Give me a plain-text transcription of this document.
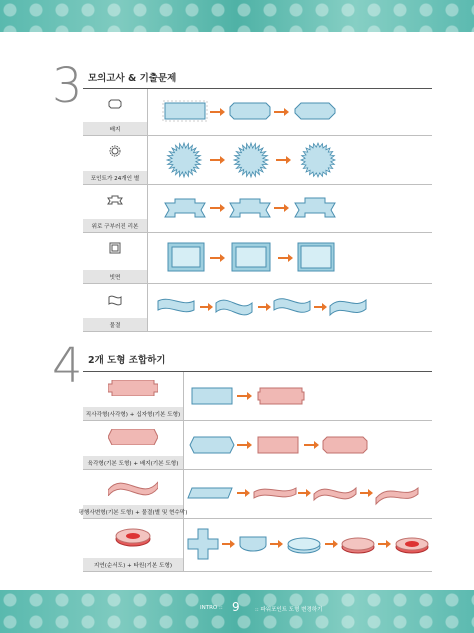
3 모의고사 & 기출문제
배지
포인트가 24개인 별
위로 구부러진 리본
빗면
물결
4 2개 도형 조합하기
직사각형(사각형) + 십자형(기본 도형)
육각형(기본 도형) + 배지(기본 도형)
평행사변형(기본 도형) + 물결(별 및 현수막)
지연(순서도) + 타원(기본 도형)
INTRO :: 9	:: 파워포인트 도형 변경하기
